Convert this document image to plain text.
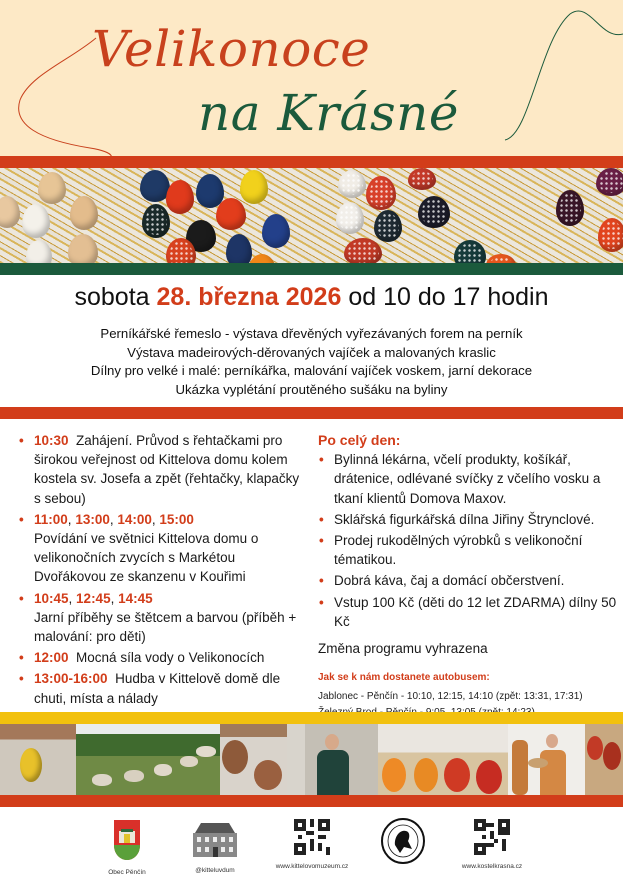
Velikonoce
na Krásné
sobota 28. března 2026 od 10 do 17 hodin
Perníkářské řemeslo - výstava dřevěných vyřezávaných forem na perník
Výstava madeirových-děrovaných vajíček a malovaných kraslic
Dílny pro velké i malé: perníkářka, malování vajíček voskem, jarní dekorace
Ukázka vyplétání proutěného sušáku na byliny
• 10:30 Zahájení. Průvod s řehtačkami pro širokou veřejnost od Kittelova domu kolem kostela sv. Josefa a zpět (řehtačky, klapačky s sebou)
• 11:00, 13:00, 14:00, 15:00
Povídání ve světnici Kittelova domu o velikonočních zvycích s Markétou Dvořákovou ze skanzenu v Kouřimi
• 10:45, 12:45, 14:45
Jarní příběhy se štětcem a barvou (příběh + malování: pro děti)
• 12:00 Mocná síla vody o Velikonocích
• 13:00-16:00 Hudba v Kittelově domě dle chuti, místa a nálady
Po celý den:
• Bylinná lékárna, včelí produkty, košíkář, drátenice, odlévané svíčky z včelího vosku a tkaní klientů Domova Maxov.
• Sklářská figurkářská dílna Jiřiny Štrynclové.
• Prodej rukodělných výrobků s velikonoční tématikou.
• Dobrá káva, čaj a domácí občerstvení.
• Vstup 100 Kč (děti do 12 let ZDARMA) dílny 50 Kč
Změna programu vyhrazena
Jak se k nám dostanete autobusem:
Jablonec - Pěnčín - 10:10, 12:15, 14:10 (zpět: 13:31, 17:31)
Obec Pěnčín	@kitteluvdum
www.kittelovomuzeum.cz	www.kostelkrasna.cz
